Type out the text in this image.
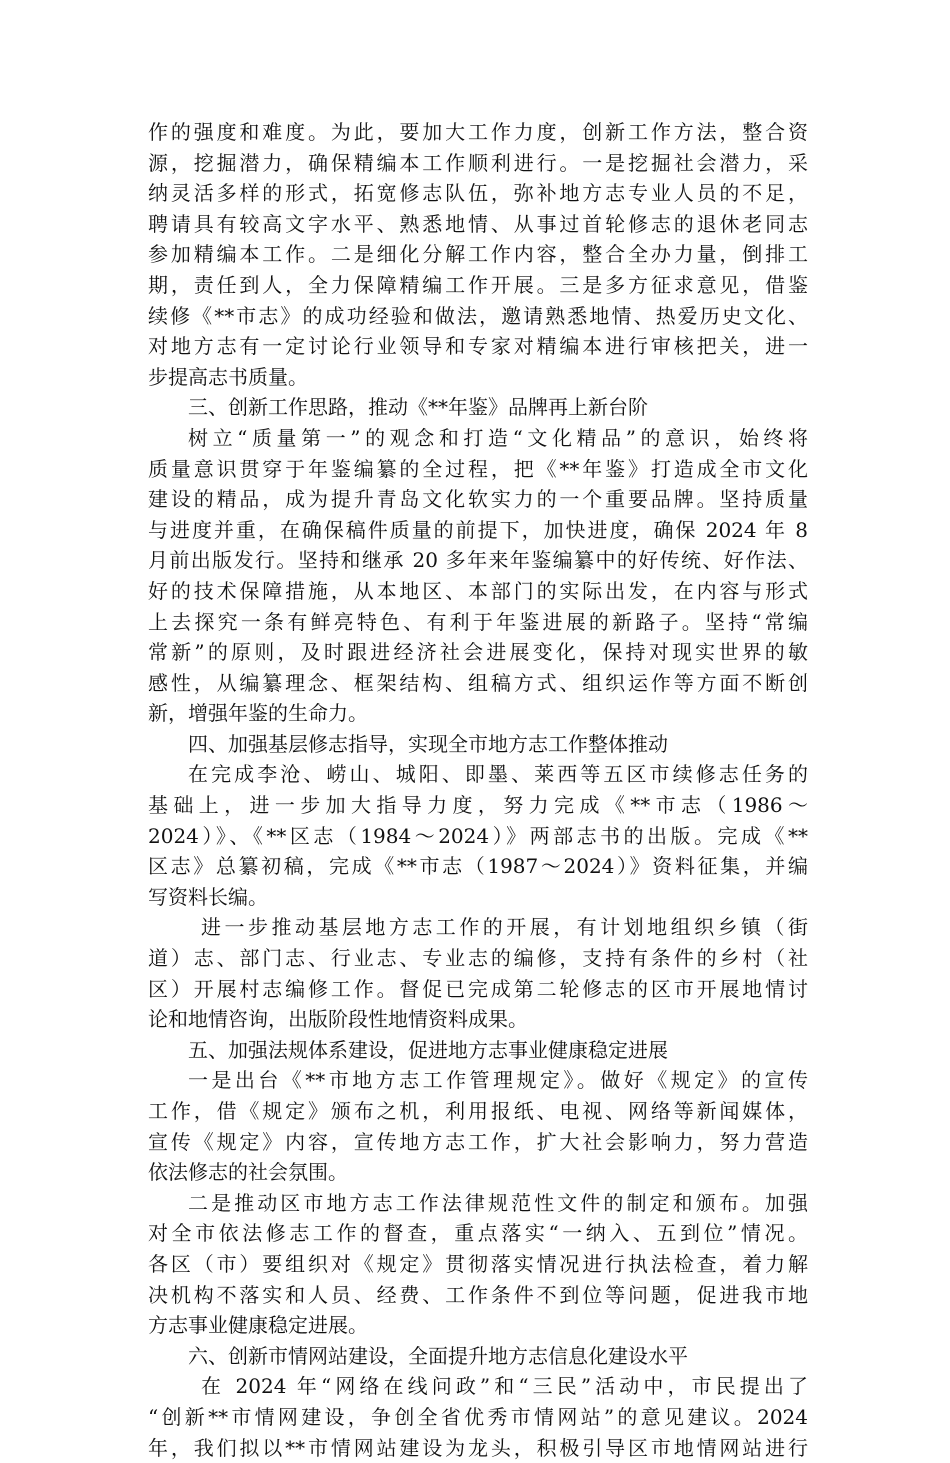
作的强度和难度。为此，要加大工作力度，创新工作方法，整合资
源，挖掘潜力，确保精编本工作顺利进行。一是挖掘社会潜力，采
纳灵活多样的形式，拓宽修志队伍，弥补地方志专业人员的不足，
聘请具有较高文字水平、熟悉地情、从事过首轮修志的退休老同志
参加精编本工作。二是细化分解工作内容，整合全办力量，倒排工
期，责任到人，全力保障精编工作开展。三是多方征求意见，借鉴
续修《**市志》的成功经验和做法，邀请熟悉地情、热爱历史文化、
对地方志有一定讨论行业领导和专家对精编本进行审核把关，进一
步提高志书质量。
三、创新工作思路，推动《**年鉴》品牌再上新台阶
树立“质量第一”的观念和打造“文化精品”的意识，始终将
质量意识贯穿于年鉴编纂的全过程，把《**年鉴》打造成全市文化
建设的精品，成为提升青岛文化软实力的一个重要品牌。坚持质量
与进度并重，在确保稿件质量的前提下，加快进度，确保 2024 年 8
月前出版发行。坚持和继承 20 多年来年鉴编纂中的好传统、好作法、
好的技术保障措施，从本地区、本部门的实际出发，在内容与形式
上去探究一条有鲜亮特色、有利于年鉴进展的新路子。坚持“常编
常新”的原则，及时跟进经济社会进展变化，保持对现实世界的敏
感性，从编纂理念、框架结构、组稿方式、组织运作等方面不断创
新，增强年鉴的生命力。
四、加强基层修志指导，实现全市地方志工作整体推动
在完成李沧、崂山、城阳、即墨、莱西等五区市续修志任务的
基础上，进一步加大指导力度，努力完成《**市志（1986～
2024）》、《**区志（1984～2024）》两部志书的出版。完成《**
区志》总纂初稿，完成《**市志（1987～2024）》资料征集，并编
写资料长编。
进一步推动基层地方志工作的开展，有计划地组织乡镇（街
道）志、部门志、行业志、专业志的编修，支持有条件的乡村（社
区）开展村志编修工作。督促已完成第二轮修志的区市开展地情讨
论和地情咨询，出版阶段性地情资料成果。
五、加强法规体系建设，促进地方志事业健康稳定进展
一是出台《**市地方志工作管理规定》。做好《规定》的宣传
工作，借《规定》颁布之机，利用报纸、电视、网络等新闻媒体，
宣传《规定》内容，宣传地方志工作，扩大社会影响力，努力营造
依法修志的社会氛围。
二是推动区市地方志工作法律规范性文件的制定和颁布。加强
对全市依法修志工作的督查，重点落实“一纳入、五到位”情况。
各区（市）要组织对《规定》贯彻落实情况进行执法检查，着力解
决机构不落实和人员、经费、工作条件不到位等问题，促进我市地
方志事业健康稳定进展。
六、创新市情网站建设，全面提升地方志信息化建设水平
在 2024 年“网络在线问政”和“三民”活动中，市民提出了
“创新**市情网建设，争创全省优秀市情网站”的意见建议。2024
年，我们拟以**市情网站建设为龙头，积极引导区市地情网站进行
